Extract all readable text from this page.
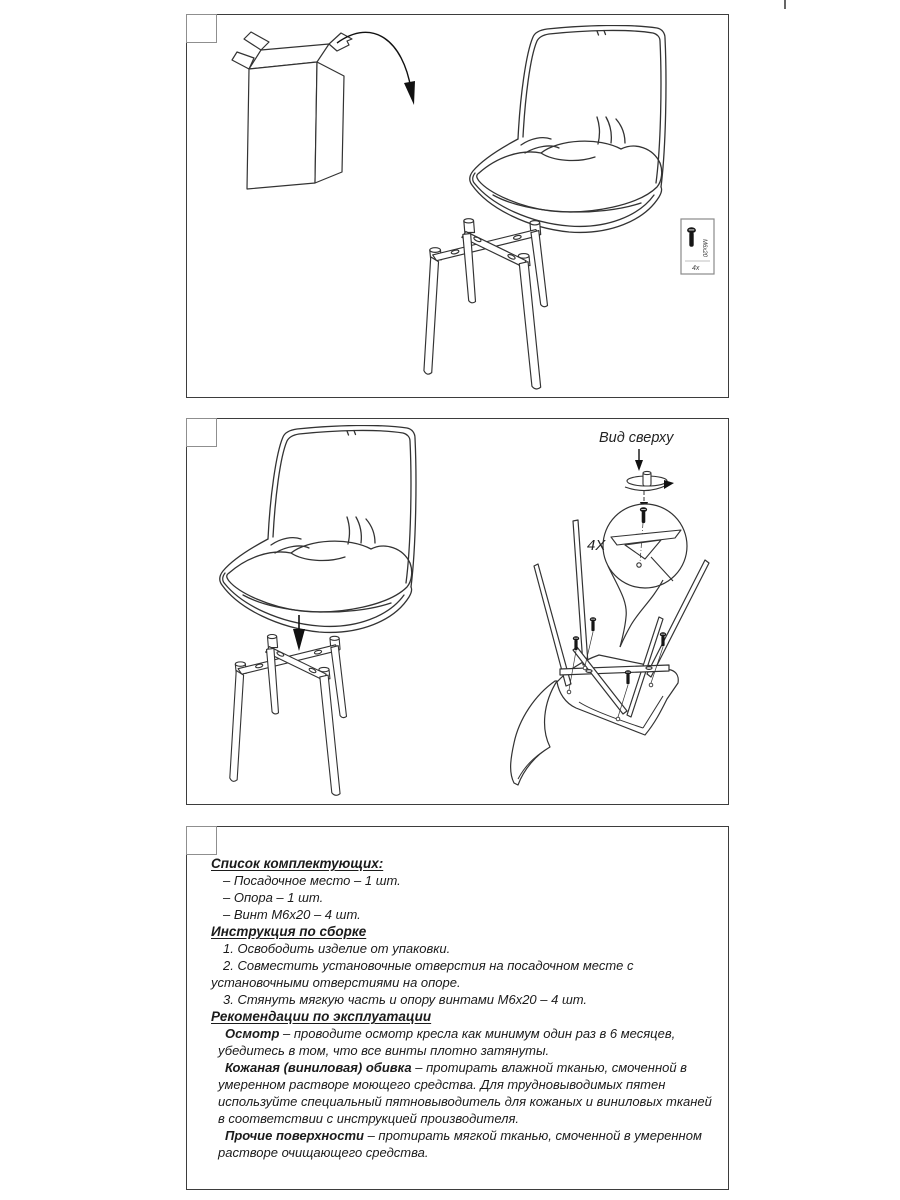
М6х20
4x
Вид сверху
4X
Список комплектующих:

– Посадочное место – 1 шт.

– Опора – 1 шт.

– Винт М6х20 – 4 шт.

Инструкция по сборке

1. Освободить изделие от упаковки.

2. Совместить установочные отверстия на посадочном месте с установочными отверстиями на опоре.

3. Стянуть мягкую часть и опору винтами М6х20 – 4 шт.

Рекомендации по эксплуатации

Осмотр – проводите осмотр кресла как минимум один раз в 6 месяцев, убедитесь в том, что все винты плотно затянуты.

Кожаная (виниловая) обивка – протирать влажной тканью, смоченной в умеренном растворе моющего средства. Для трудновыводимых пятен используйте специальный пятновыводитель для кожаных и виниловых тканей в соответствии с инструкцией производителя.

Прочие поверхности – протирать мягкой тканью, смоченной в умеренном растворе очищающего средства.
